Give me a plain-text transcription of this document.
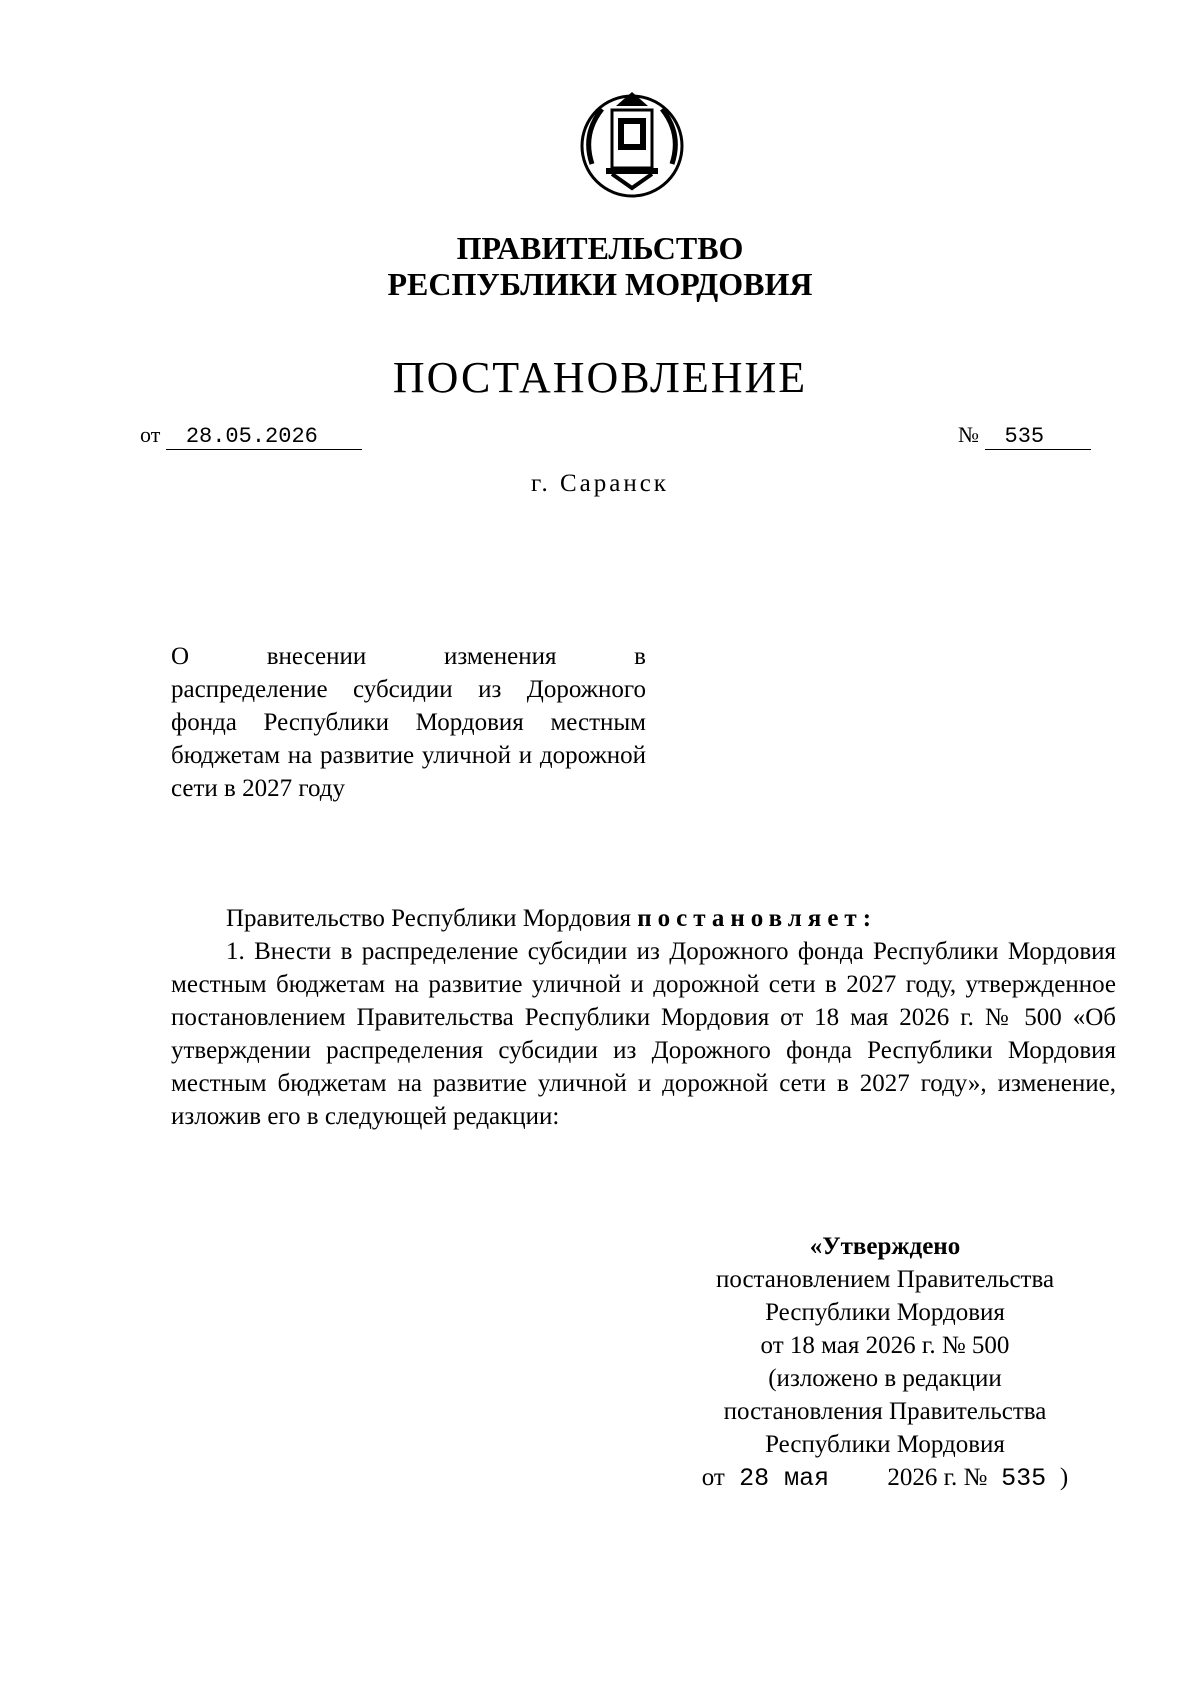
ПРАВИТЕЛЬСТВО
РЕСПУБЛИКИ МОРДОВИЯ
ПОСТАНОВЛЕНИЕ
от 28.05.2026	№ 535
г. Саранск
О внесении изменения в
распределение субсидии из Дорожного фонда Республики Мордовия местным бюджетам на развитие уличной и дорожной сети в 2027 году
Правительство Республики Мордовия постановляет:
1. Внести в распределение субсидии из Дорожного фонда Республики Мордовия местным бюджетам на развитие уличной и дорожной сети в 2027 году, утвержденное постановлением Правительства Республики Мордовия от 18 мая 2026 г. № 500 «Об утверждении распределения субсидии из Дорожного фонда Республики Мордовия местным бюджетам на развитие уличной и дорожной сети в 2027 году», изменение, изложив его в следующей редакции:
«Утверждено
постановлением Правительства
Республики Мордовия
от 18 мая 2026 г. № 500
(изложено в редакции
постановления Правительства
Республики Мордовия
от 28 мая 2026 г. № 535 )
